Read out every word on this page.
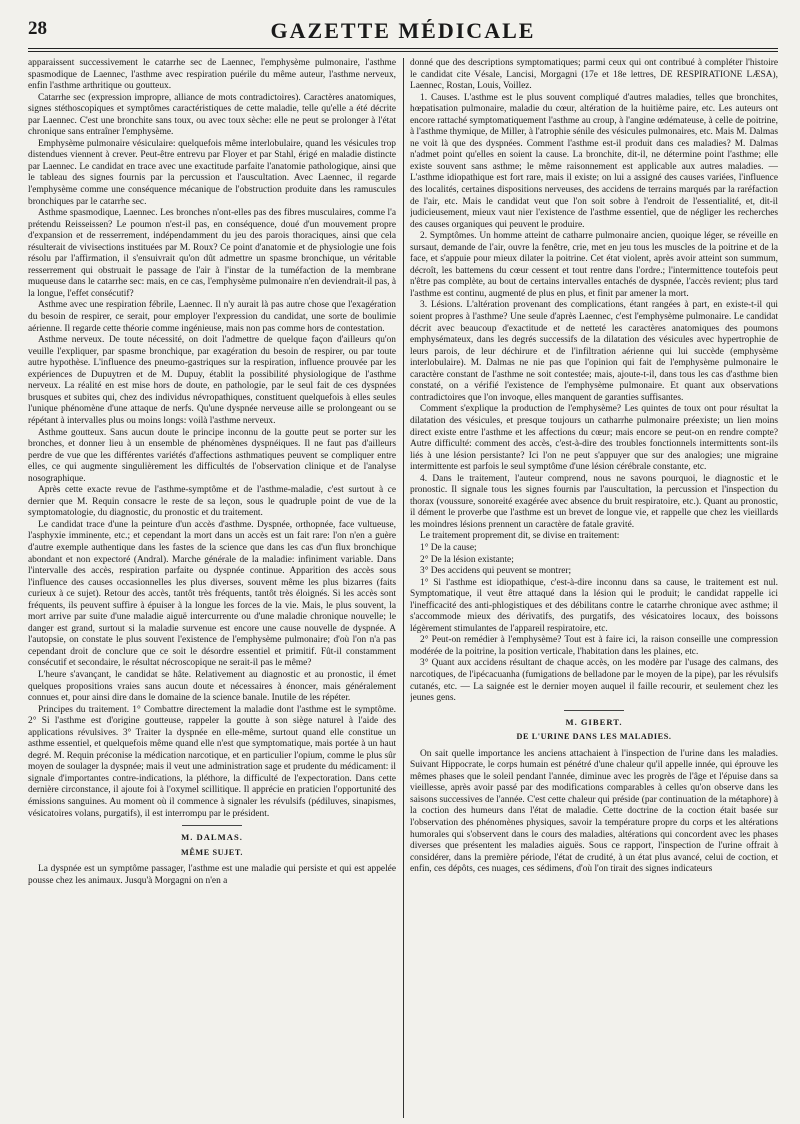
28	GAZETTE MÉDICALE

apparaissent successivement le catarrhe sec de Laennec, l'emphysème pulmonaire, l'asthme spasmodique de Laennec, l'asthme avec respiration puérile du même auteur, l'asthme nerveux, enfin l'asthme arthritique ou goutteux.

Catarrhe sec (expression impropre, alliance de mots contradictoires). Caractères anatomiques, signes stéthoscopiques et symptômes caractéristiques de cette maladie, telle qu'elle a été décrite par Laennec. C'est une bronchite sans toux, ou avec toux sèche: elle ne peut se prolonger à l'état chronique sans entraîner l'emphysème.

Emphysème pulmonaire vésiculaire: quelquefois même interlobulaire, quand les vésicules trop distendues viennent à crever. Peut-être entrevu par Floyer et par Stahl, érigé en maladie distincte par Laennec. Le candidat en trace avec une exactitude parfaite l'anatomie pathologique, ainsi que le tableau des signes fournis par la percussion et l'auscultation. Avec Laennec, il regarde l'emphysème comme une conséquence mécanique de l'obstruction produite dans les ramuscules bronchiques par le catarrhe sec.

Asthme spasmodique, Laennec. Les bronches n'ont-elles pas des fibres musculaires, comme l'a prétendu Reisseissen? Le poumon n'est-il pas, en conséquence, doué d'un mouvement propre d'expansion et de resserrement, indépendamment du jeu des parois thoraciques, ainsi que cela résulterait de vivisections instituées par M. Roux? Ce point d'anatomie et de physiologie une fois résolu par l'affirmation, il s'ensuivrait qu'on dût admettre un spasme bronchique, un véritable resserrement qui obstruait le passage de l'air à l'instar de la tuméfaction de la membrane muqueuse dans le catarrhe sec: mais, en ce cas, l'emphysème pulmonaire n'en deviendrait-il pas, à la longue, l'effet consécutif?

Asthme avec une respiration fébrile, Laennec. Il n'y aurait là pas autre chose que l'exagération du besoin de respirer, ce serait, pour employer l'expression du candidat, une sorte de boulimie aérienne. Il regarde cette théorie comme ingénieuse, mais non pas comme hors de contestation.

Asthme nerveux. De toute nécessité, on doit l'admettre de quelque façon d'ailleurs qu'on veuille l'expliquer, par spasme bronchique, par exagération du besoin de respirer, ou par toute autre hypothèse. L'influence des pneumo-gastriques sur la respiration, influence prouvée par les expériences de Dupuytren et de M. Dupuy, établit la possibilité physiologique de l'asthme nerveux. La réalité en est mise hors de doute, en pathologie, par le seul fait de ces dyspnées brusques et subites qui, chez des individus névropathiques, constituent quelquefois à elles seules l'unique phénomène d'une attaque de nerfs. Qu'une dyspnée nerveuse aille se prolongeant ou se répétant à intervalles plus ou moins longs: voilà l'asthme nerveux.

Asthme goutteux. Sans aucun doute le principe inconnu de la goutte peut se porter sur les bronches, et donner lieu à un ensemble de phénomènes dyspnéiques. Il ne faut pas d'ailleurs perdre de vue que les différentes variétés d'affections asthmatiques peuvent se compliquer entre elles, ce qui augmente singulièrement les difficultés de l'observation clinique et de l'analyse nosographique.

Après cette exacte revue de l'asthme-symptôme et de l'asthme-maladie, c'est surtout à ce dernier que M. Requin consacre le reste de sa leçon, sous le quadruple point de vue de la symptomatologie, du diagnostic, du pronostic et du traitement.

Le candidat trace d'une la peinture d'un accès d'asthme. Dyspnée, orthopnée, face vultueuse, l'asphyxie imminente, etc.; et cependant la mort dans un accès est un fait rare: l'on n'en a guère d'autre exemple authentique dans les fastes de la science que dans les cas d'un flux bronchique abondant et non expectoré (Andral). Marche générale de la maladie: infiniment variable. Dans l'intervalle des accès, respiration parfaite ou dyspnée continue. Apparition des accès sous l'influence des causes occasionnelles les plus diverses, souvent même les plus bizarres (faits curieux à ce sujet). Retour des accès, tantôt très fréquents, tantôt très éloignés. Si les accès sont fréquents, ils peuvent suffire à épuiser à la longue les forces de la vie. Mais, le plus souvent, la mort arrive par suite d'une maladie aiguë intercurrente ou d'une maladie chronique nouvelle; le danger est grand, surtout si la maladie survenue est encore une cause nouvelle de dyspnée. A l'autopsie, on constate le plus souvent l'existence de l'emphysème pulmonaire; d'où l'on n'a pas cependant droit de conclure que ce soit le désordre essentiel et primitif. Fût-il constamment consécutif et secondaire, le résultat nécroscopique ne serait-il pas le même?

L'heure s'avançant, le candidat se hâte. Relativement au diagnostic et au pronostic, il émet quelques propositions vraies sans aucun doute et nécessaires à énoncer, mais généralement connues et, pour ainsi dire dans le domaine de la science banale. Inutile de les répéter.

Principes du traitement. 1° Combattre directement la maladie dont l'asthme est le symptôme. 2° Si l'asthme est d'origine goutteuse, rappeler la goutte à son siège naturel à l'aide des applications révulsives. 3° Traiter la dyspnée en elle-même, surtout quand elle constitue un asthme essentiel, et quelquefois même quand elle n'est que symptomatique, mais portée à un haut degré. M. Requin préconise la médication narcotique, et en particulier l'opium, comme le plus sûr moyen de soulager la dyspnée; mais il veut une administration sage et prudente du médicament: il signale d'importantes contre-indications, la pléthore, la difficulté de l'expectoration. Dans cette dernière circonstance, il ajoute foi à l'oxymel scillitique. Il apprécie en praticien l'opportunité des émissions sanguines. Au moment où il commence à signaler les révulsifs (pédiluves, sinapismes, vésicatoires volans, purgatifs), il est interrompu par le président.

M. DALMAS.
MÊME SUJET.

La dyspnée est un symptôme passager, l'asthme est une maladie qui persiste et qui est appelée pousse chez les animaux. Jusqu'à Morgagni on n'en a

donné que des descriptions symptomatiques; parmi ceux qui ont contribué à compléter l'histoire le candidat cite Vésale, Lancisi, Morgagni (17e et 18e lettres, DE RESPIRATIONE LÆSA), Laennec, Rostan, Louis, Voillez.

1. Causes. L'asthme est le plus souvent compliqué d'autres maladies, telles que bronchites, hœpatisation pulmonaire, maladie du cœur, altération de la huitième paire, etc. Les auteurs ont encore rattaché symptomatiquement l'asthme au croup, à l'angine œdémateuse, à celle de poitrine, à l'asthme thymique, de Miller, à l'atrophie sénile des vésicules pulmonaires, etc. Mais M. Dalmas ne voit là que des dyspnées. Comment l'asthme est-il produit dans ces maladies? M. Dalmas n'admet point qu'elles en soient la cause. La bronchite, dit-il, ne détermine point l'asthme; elle existe souvent sans asthme; le même raisonnement est applicable aux autres maladies. — L'asthme idiopathique est fort rare, mais il existe; on lui a assigné des causes variées, l'influence des localités, certaines dispositions nerveuses, des accidens de terrains marqués par la raréfaction de l'air, etc. Mais le candidat veut que l'on soit sobre à l'endroit de l'essentialité, et, dit-il judicieusement, mieux vaut nier l'existence de l'asthme essentiel, que de négliger les recherches des causes organiques qui peuvent le produire.

2. Symptômes. Un homme atteint de catharre pulmonaire ancien, quoique léger, se réveille en sursaut, demande de l'air, ouvre la fenêtre, crie, met en jeu tous les muscles de la poitrine et de la face, et s'appuie pour mieux dilater la poitrine. Cet état violent, après avoir atteint son summum, décroît, les battemens du cœur cessent et tout rentre dans l'ordre.; l'intermittence toutefois peut n'être pas complète, au bout de certains intervalles entachés de dyspnée, l'accès revient; plus tard l'asthme est continu, augmenté de plus en plus, et finit par amener la mort.

3. Lésions. L'altération provenant des complications, étant rangées à part, en existe-t-il qui soient propres à l'asthme? Une seule d'après Laennec, c'est l'emphysème pulmonaire. Le candidat décrit avec beaucoup d'exactitude et de netteté les caractères anatomiques des poumons emphysémateux, dans les degrés successifs de la dilatation des vésicules avec hypertrophie de leurs parois, de leur déchirure et de l'infiltration aérienne qui lui succède (emphysème interlobulaire). M. Dalmas ne nie pas que l'opinion qui fait de l'emphysème pulmonaire le caractère constant de l'asthme ne soit contestée; mais, ajoute-t-il, dans tous les cas d'asthme bien constaté, on a vérifié l'existence de l'emphysème pulmonaire. Et quant aux observations contradictoires que l'on invoque, elles manquent de garanties suffisantes.

Comment s'explique la production de l'emphysème? Les quintes de toux ont pour résultat la dilatation des vésicules, et presque toujours un catharrhe pulmonaire préexiste; un lien moins direct existe entre l'asthme et les affections du cœur; mais encore se peut-on en rendre compte? Autre difficulté: comment des accès, c'est-à-dire des troubles fonctionnels intermittents sont-ils liés à une lésion persistante? Ici l'on ne peut s'appuyer que sur des analogies; une migraine intermittente est parfois le seul symptôme d'une lésion cérébrale constante, etc.

4. Dans le traitement, l'auteur comprend, nous ne savons pourquoi, le diagnostic et le pronostic. Il signale tous les signes fournis par l'auscultation, la percussion et l'inspection du thorax (voussure, sonoreité exagérée avec absence du bruit respiratoire, etc.). Quant au pronostic, il dément le proverbe que l'asthme est un brevet de longue vie, et rappelle que chez les vieillards les moindres lésions prennent un caractère de fatale gravité.

Le traitement proprement dit, se divise en traitement:

1° De la cause;

2° De la lésion existante;

3° Des accidens qui peuvent se montrer;

1° Si l'asthme est idiopathique, c'est-à-dire inconnu dans sa cause, le traitement est nul. Symptomatique, il veut être attaqué dans la lésion qui le produit; le candidat rappelle ici l'inefficacité des anti-phlogistiques et des débilitans contre le catarrhe chronique avec asthme; il s'accommode mieux des dérivatifs, des purgatifs, des vésicatoires locaux, des boissons légèrement stimulantes de l'appareil respiratoire, etc.

2° Peut-on remédier à l'emphysème? Tout est à faire ici, la raison conseille une compression modérée de la poitrine, la position verticale, l'habitation dans les plaines, etc.

3° Quant aux accidens résultant de chaque accès, on les modère par l'usage des calmans, des narcotiques, de l'ipécacuanha (fumigations de belladone par le moyen de la pipe), par les révulsifs cutanés, etc. — La saignée est le dernier moyen auquel il faille recourir, et seulement chez les jeunes gens.

M. GIBERT.
DE L'URINE DANS LES MALADIES.

On sait quelle importance les anciens attachaient à l'inspection de l'urine dans les maladies. Suivant Hippocrate, le corps humain est pénétré d'une chaleur qu'il appelle innée, qui éprouve les mêmes phases que le soleil pendant l'année, diminue avec les progrès de l'âge et l'épuise dans sa vieillesse, après avoir passé par des modifications comparables à celles qu'on observe dans les saisons successives de l'année. C'est cette chaleur qui préside (par continuation de la métaphore) à la coction des humeurs dans l'état de maladie. Cette doctrine de la coction était basée sur l'observation des phénomènes physiques, savoir la température propre du corps et les altérations humorales qui s'observent dans le cours des maladies, altérations qui concordent avec les phases diverses que présentent les maladies aiguës. Sous ce rapport, l'inspection de l'urine offrait à considérer, dans la première période, l'état de crudité, à un état plus avancé, celui de coction, et enfin, ces dépôts, ces nuages, ces sédimens, d'où l'on tirait des signes indicateurs
